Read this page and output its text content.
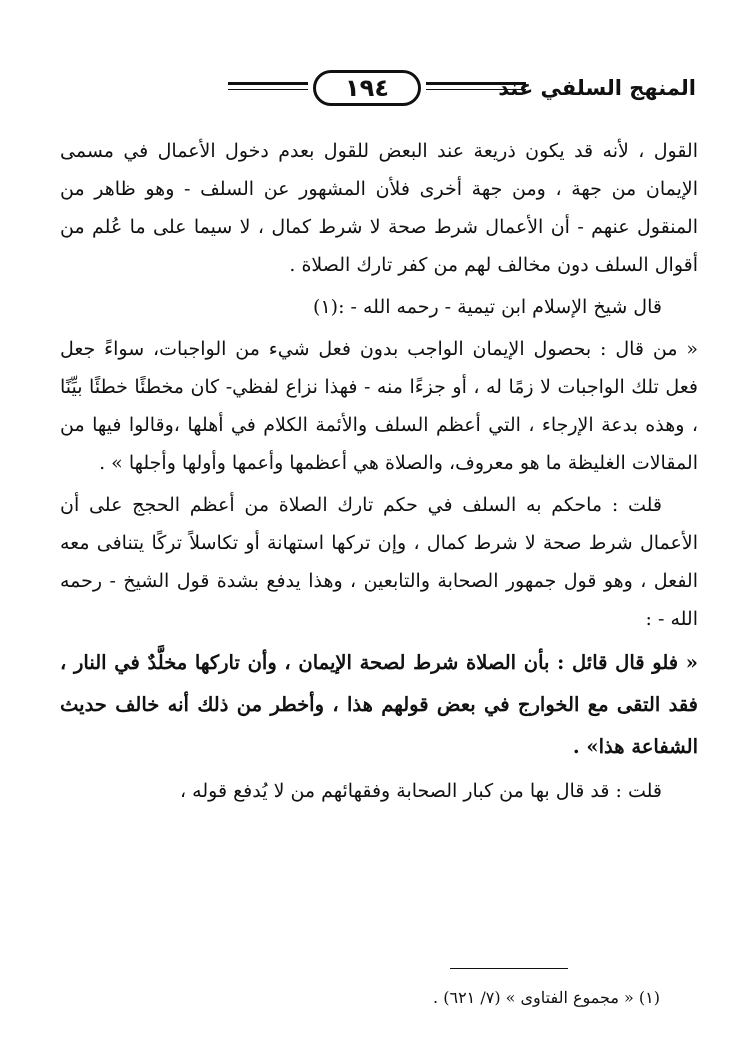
المنهج السلفي عند
١٩٤

القول ، لأنه قد يكون ذريعة عند البعض للقول بعدم دخول الأعمال في مسمى الإيمان من جهة ، ومن جهة أخرى فلأن المشهور عن السلف - وهو ظاهر من المنقول عنهم - أن الأعمال شرط صحة لا شرط كمال ، لا سيما على ما عُلم من أقوال السلف دون مخالف لهم من كفر تارك الصلاة .

قال شيخ الإسلام ابن تيمية - رحمه الله - :(١)

« من قال : بحصول الإيمان الواجب بدون فعل شيء من الواجبات، سواءً جعل فعل تلك الواجبات لا زمًا له ، أو جزءًا منه - فهذا نزاع لفظي- كان مخطئًا خطئًا بيِّنًا ، وهذه بدعة الإرجاء ، التي أعظم السلف والأئمة الكلام في أهلها ،وقالوا فيها من المقالات الغليظة ما هو معروف، والصلاة هي أعظمها وأعمها وأولها وأجلها » .

قلت : ماحكم به السلف في حكم تارك الصلاة من أعظم الحجج على أن الأعمال شرط صحة لا شرط كمال ، وإن تركها استهانة أو تكاسلاً تركًا يتنافى معه الفعل ، وهو قول جمهور الصحابة والتابعين ، وهذا يدفع بشدة قول الشيخ - رحمه الله - :

« فلو قال قائل : بأن الصلاة شرط لصحة الإيمان ، وأن تاركها مخلَّدٌ في النار ، فقد التقى مع الخوارج في بعض قولهم هذا ، وأخطر من ذلك أنه خالف حديث الشفاعة هذا» .

قلت : قد قال بها من كبار الصحابة وفقهائهم من لا يُدفع قوله ،

(١) « مجموع الفتاوى » (٧/ ٦٢١) .
